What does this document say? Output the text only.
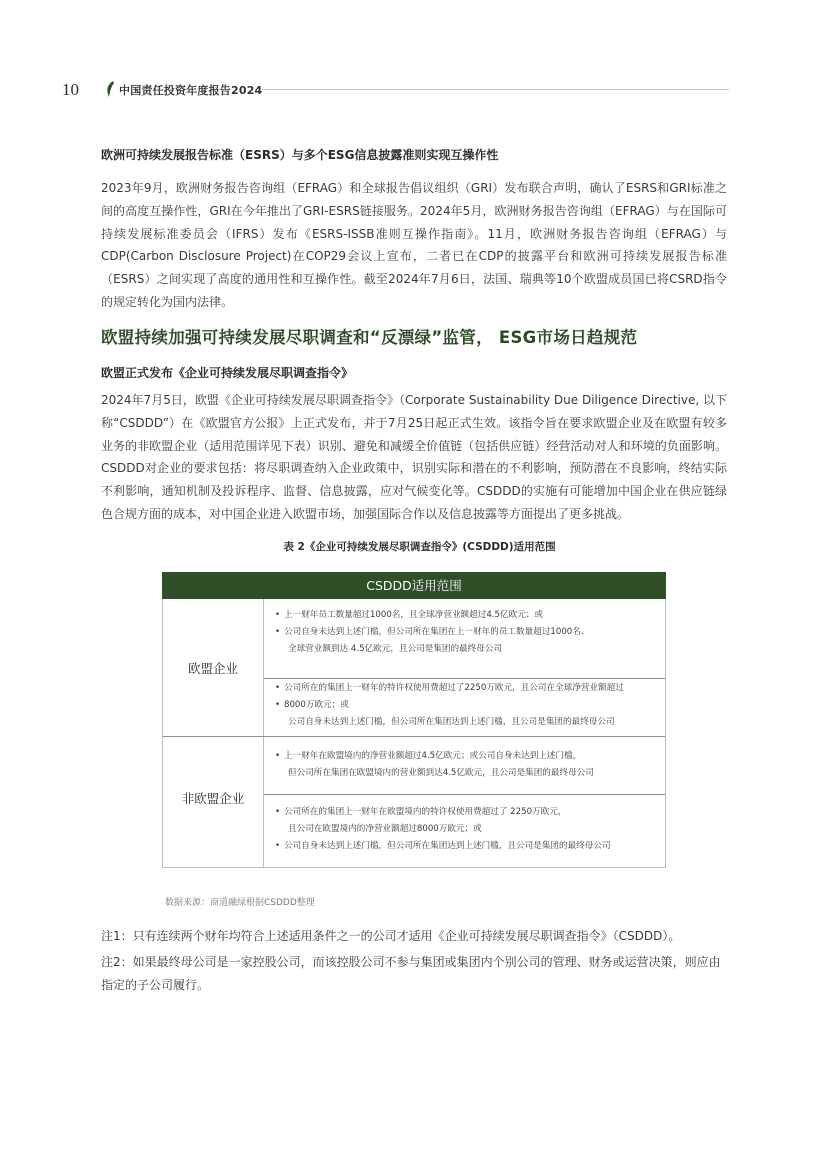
10	中国责任投资年度报告2024
欧洲可持续发展报告标准（ESRS）与多个ESG信息披露准则实现互操作性
2023年9月，欧洲财务报告咨询组（EFRAG）和全球报告倡议组织（GRI）发布联合声明，确认了ESRS和GRI标准之间的高度互操作性，GRI在今年推出了GRI-ESRS链接服务。2024年5月，欧洲财务报告咨询组（EFRAG）与在国际可持续发展标准委员会（IFRS）发布《ESRS-ISSB准则互操作指南》。11月，欧洲财务报告咨询组（EFRAG）与CDP(Carbon Disclosure Project)在COP29会议上宣布，二者已在CDP的披露平台和欧洲可持续发展报告标准（ESRS）之间实现了高度的通用性和互操作性。截至2024年7月6日，法国、瑞典等10个欧盟成员国已将CSRD指令的规定转化为国内法律。
欧盟持续加强可持续发展尽职调查和“反漂绿”监管， ESG市场日趋规范
欧盟正式发布《企业可持续发展尽职调查指令》
2024年7月5日，欧盟《企业可持续发展尽职调查指令》（Corporate Sustainability Due Diligence Directive, 以下称“CSDDD”）在《欧盟官方公报》上正式发布，并于7月25日起正式生效。该指令旨在要求欧盟企业及在欧盟有较多业务的非欧盟企业（适用范围详见下表）识别、避免和减缓全价值链（包括供应链）经营活动对人和环境的负面影响。CSDDD对企业的要求包括：将尽职调查纳入企业政策中，识别实际和潜在的不利影响，预防潜在不良影响，终结实际不利影响，通知机制及投诉程序、监督、信息披露，应对气候变化等。CSDDD的实施有可能增加中国企业在供应链绿色合规方面的成本，对中国企业进入欧盟市场，加强国际合作以及信息披露等方面提出了更多挑战。
表 2《企业可持续发展尽职调查指令》(CSDDD)适用范围
CSDDD适用范围
欧盟企业
非欧盟企业
• 上一财年员工数量超过1000名，且全球净营业额超过4.5亿欧元；或
• 公司自身未达到上述门槛，但公司所在集团在上一财年的员工数量超过1000名、
全球营业额到达 4.5亿欧元，且公司是集团的最终母公司
• 公司所在的集团上一财年的特许权使用费超过了2250万欧元，且公司在全球净营业额超过
• 8000万欧元；或
公司自身未达到上述门槛，但公司所在集团达到上述门槛，且公司是集团的最终母公司
• 上一财年在欧盟境内的净营业额超过4.5亿欧元；或公司自身未达到上述门槛，
但公司所在集团在欧盟境内的营业额到达4.5亿欧元，且公司是集团的最终母公司
• 公司所在的集团上一财年在欧盟境内的特许权使用费超过了 2250万欧元，
且公司在欧盟境内的净营业额超过8000万欧元；或
• 公司自身未达到上述门槛，但公司所在集团达到上述门槛，且公司是集团的最终母公司
数据来源：商道融绿根据CSDDD整理
注1：只有连续两个财年均符合上述适用条件之一的公司才适用《企业可持续发展尽职调查指令》（CSDDD）。
注2：如果最终母公司是一家控股公司，而该控股公司不参与集团或集团内个别公司的管理、财务或运营决策，则应由指定的子公司履行。
